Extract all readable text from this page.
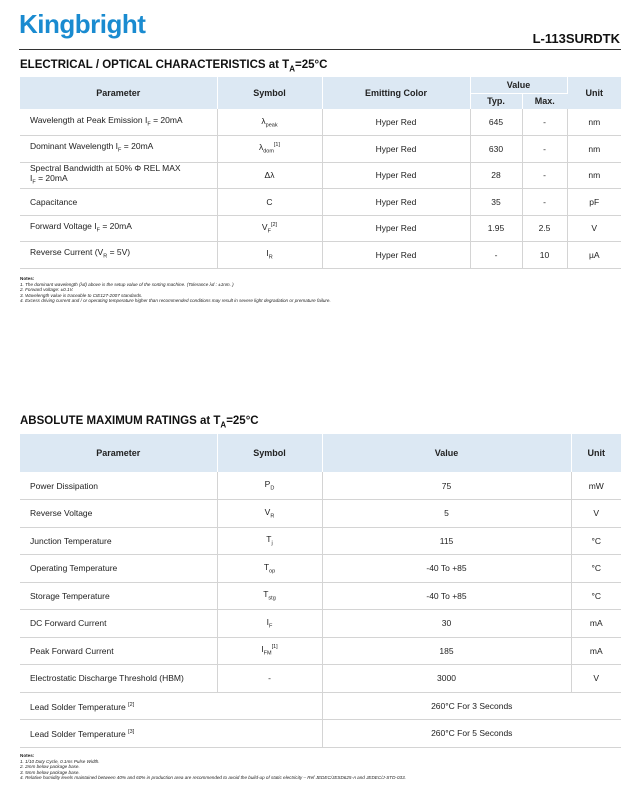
Kingbright	L-113SURDTK
ELECTRICAL / OPTICAL CHARACTERISTICS at $T_A=25^\circ C$
Parameter	Symbol	Emitting Color	Value		Unit
			Typ.	Max.	
Wavelength at Peak Emission $I_F = 20mA$	$\lambda_{peak}$	Hyper Red	645	-	nm
Dominant Wavelength $I_F = 20mA$	$\lambda_{dom}[1]$	Hyper Red	630	-	nm
Spectral Bandwidth at 50% Φ REL MAX
$I_F = 20mA$	Δλ	Hyper Red	28	-	nm
Capacitance	C	Hyper Red	35	-	pF
Forward Voltage $I_F = 20mA$	$V_F[2]$	Hyper Red	1.95	2.5	V
Reverse Current $(V_R = 5V)$	$I_R$	Hyper Red	-	10	µA
Notes:
1. The dominant wavelength (λd) above is the setup value of the sorting machine. (Tolerance λd : ±1nm. )
2. Forward voltage: ±0.1V.
3. Wavelength value is traceable to CIE127-2007 standards.
4. Excess driving current and / or operating temperature higher than recommended conditions may result in severe light degradation or premature failure.
ABSOLUTE MAXIMUM RATINGS at $T_A=25^\circ C$
Parameter	Symbol	Value	Unit
Power Dissipation	$P_D$	75	mW
Reverse Voltage	$V_R$	5	V
Junction Temperature	$T_j$	115	°C
Operating Temperature	$T_{op}$	-40 To +85	°C
Storage Temperature	$T_{stg}$	-40 To +85	°C
DC Forward Current	$I_F$	30	mA
Peak Forward Current	$I_{FM}[1]$	185	mA
Electrostatic Discharge Threshold (HBM)	-	3000	V
Lead Solder Temperature [2]		260°C For 3 Seconds	
Lead Solder Temperature [3]		260°C For 5 Seconds	
Notes:
1. 1/10 Duty Cycle, 0.1ms Pulse Width.
2. 2mm below package base.
3. 5mm below package base.
4. Relative humidity levels maintained between 40% and 60% in production area are recommended to avoid the build-up of static electricity – Ref JEDEC/JESD625-A and JEDEC/J-STD-033.
